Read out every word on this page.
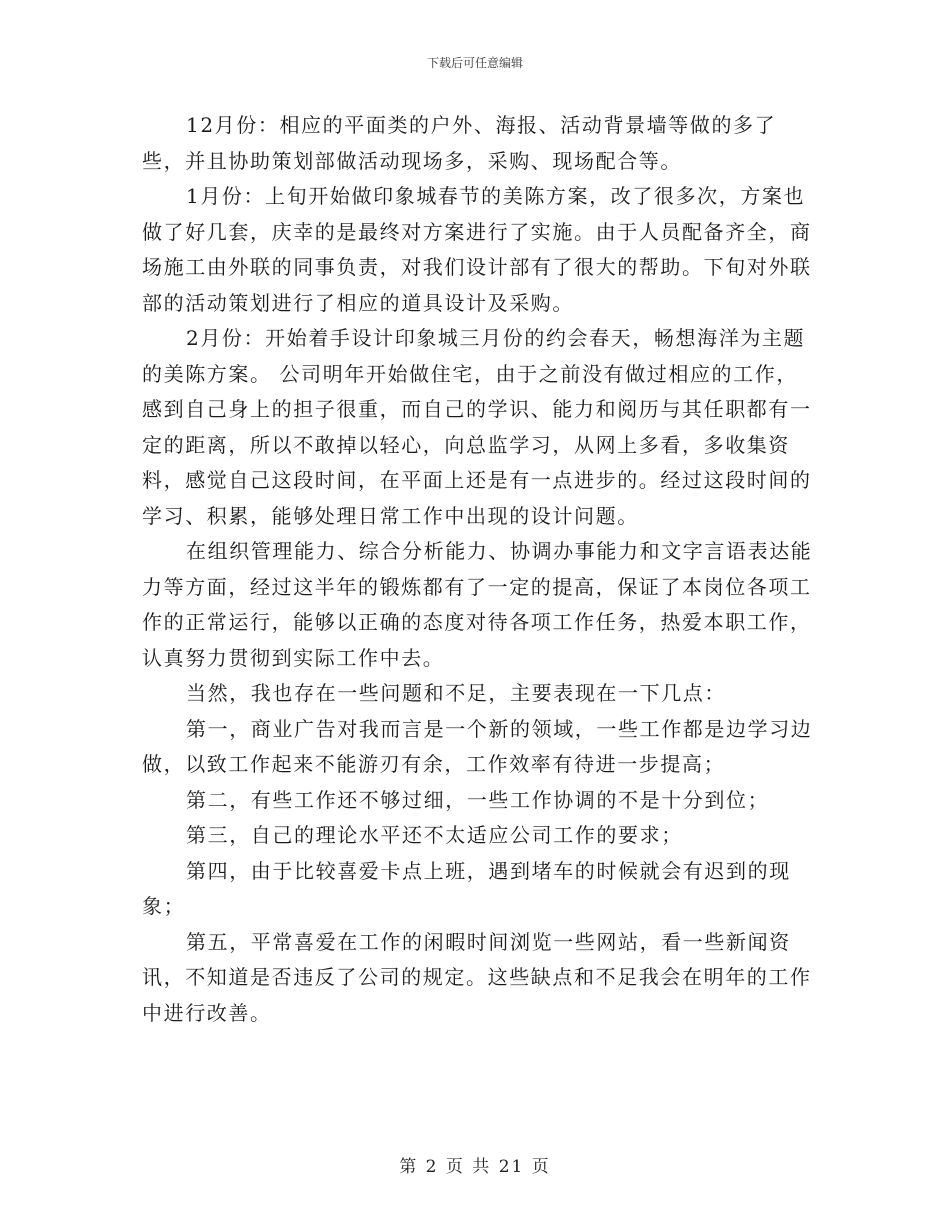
下载后可任意编辑

12月份：相应的平面类的户外、海报、活动背景墙等做的多了些，并且协助策划部做活动现场多，采购、现场配合等。

1月份：上旬开始做印象城春节的美陈方案，改了很多次，方案也做了好几套，庆幸的是最终对方案进行了实施。由于人员配备齐全，商场施工由外联的同事负责，对我们设计部有了很大的帮助。下旬对外联部的活动策划进行了相应的道具设计及采购。

2月份：开始着手设计印象城三月份的约会春天，畅想海洋为主题的美陈方案。 公司明年开始做住宅，由于之前没有做过相应的工作，感到自己身上的担子很重，而自己的学识、能力和阅历与其任职都有一定的距离，所以不敢掉以轻心，向总监学习，从网上多看，多收集资料，感觉自己这段时间，在平面上还是有一点进步的。经过这段时间的学习、积累，能够处理日常工作中出现的设计问题。

在组织管理能力、综合分析能力、协调办事能力和文字言语表达能力等方面，经过这半年的锻炼都有了一定的提高，保证了本岗位各项工作的正常运行，能够以正确的态度对待各项工作任务，热爱本职工作，认真努力贯彻到实际工作中去。

当然，我也存在一些问题和不足，主要表现在一下几点：

第一，商业广告对我而言是一个新的领域，一些工作都是边学习边做，以致工作起来不能游刃有余，工作效率有待进一步提高；

第二，有些工作还不够过细，一些工作协调的不是十分到位；

第三，自己的理论水平还不太适应公司工作的要求；

第四，由于比较喜爱卡点上班，遇到堵车的时候就会有迟到的现象；

第五，平常喜爱在工作的闲暇时间浏览一些网站，看一些新闻资讯，不知道是否违反了公司的规定。这些缺点和不足我会在明年的工作中进行改善。

第 2 页 共 21 页
